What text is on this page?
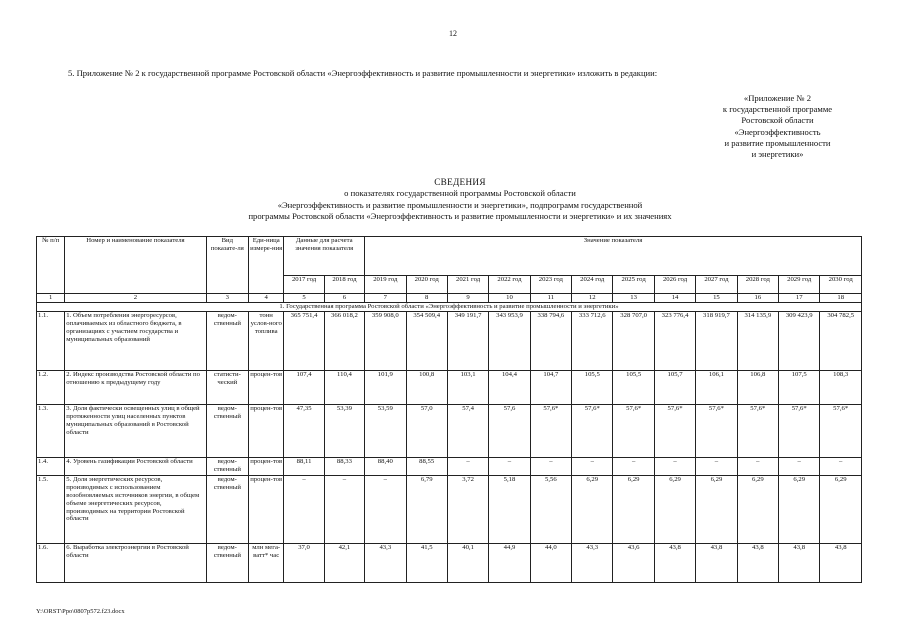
12
5. Приложение № 2 к государственной программе Ростовской области «Энергоэффективность и развитие промышленности и энергетики» изложить в редакции:
«Приложение № 2
к государственной программе
Ростовской области
«Энергоэффективность
и развитие промышленности
и энергетики»
СВЕДЕНИЯ
о показателях государственной программы Ростовской области
«Энергоэффективность и развитие промышленности и энергетики», подпрограмм государственной
программы Ростовской области «Энергоэффективность и развитие промышленности и энергетики» и их значениях
№ п/п	Номер и наименование показателя	Вид показате-ля	Еди-ница измере-ния	Данные для расчета значения показателя		Значение показателя											
				2017 год	2018 год	2019 год	2020 год	2021 год	2022 год	2023 год	2024 год	2025 год	2026 год	2027 год	2028 год	2029 год	2030 год
1	2	3	4	5	6	7	8	9	10	11	12	13	14	15	16	17	18
1. Государственная программа Ростовской области «Энергоэффективность и развитие промышленности и энергетики»																	
1.1.	1. Объем потребления энергоресурсов, оплачиваемых из областного бюджета, в организациях с участием государства и муниципальных образований	ведом-ственный	тонн услов-ного топлива	365 751,4	366 018,2	359 908,0	354 509,4	349 191,7	343 953,9	338 794,6	333 712,6	328 707,0	323 776,4	318 919,7	314 135,9	309 423,9	304 782,5
1.2.	2. Индекс производства Ростовской области по отношению к предыдущему году	статисти-ческий	процен-тов	107,4	110,4	101,9	100,8	103,1	104,4	104,7	105,5	105,5	105,7	106,1	106,8	107,5	108,3
1.3.	3. Доля фактически освещенных улиц в общей протяженности улиц населенных пунктов муниципальных образований в Ростовской области	ведом-ственный	процен-тов	47,35	53,39	53,59	57,0	57,4	57,6	57,6*	57,6*	57,6*	57,6*	57,6*	57,6*	57,6*	57,6*
1.4.	4. Уровень газификации Ростовской области	ведом-ственный	процен-тов	88,11	88,33	88,40	88,55	–	–	–	–	–	–	–	–	–	–
1.5.	5. Доля энергетических ресурсов, производимых с использованием возобновляемых источников энергии, в общем объеме энергетических ресурсов, производимых на территории Ростовской области	ведом-ственный	процен-тов	–	–	–	6,79	3,72	5,18	5,56	6,29	6,29	6,29	6,29	6,29	6,29	6,29
1.6.	6. Выработка электроэнергии в Ростовской области	ведом-ственный	млн мега-ватт* час	37,0	42,1	43,3	41,5	40,1	44,9	44,0	43,3	43,6	43,8	43,8	43,8	43,8	43,8
Y:\ORST\Ppo\0807p572.f23.docx
